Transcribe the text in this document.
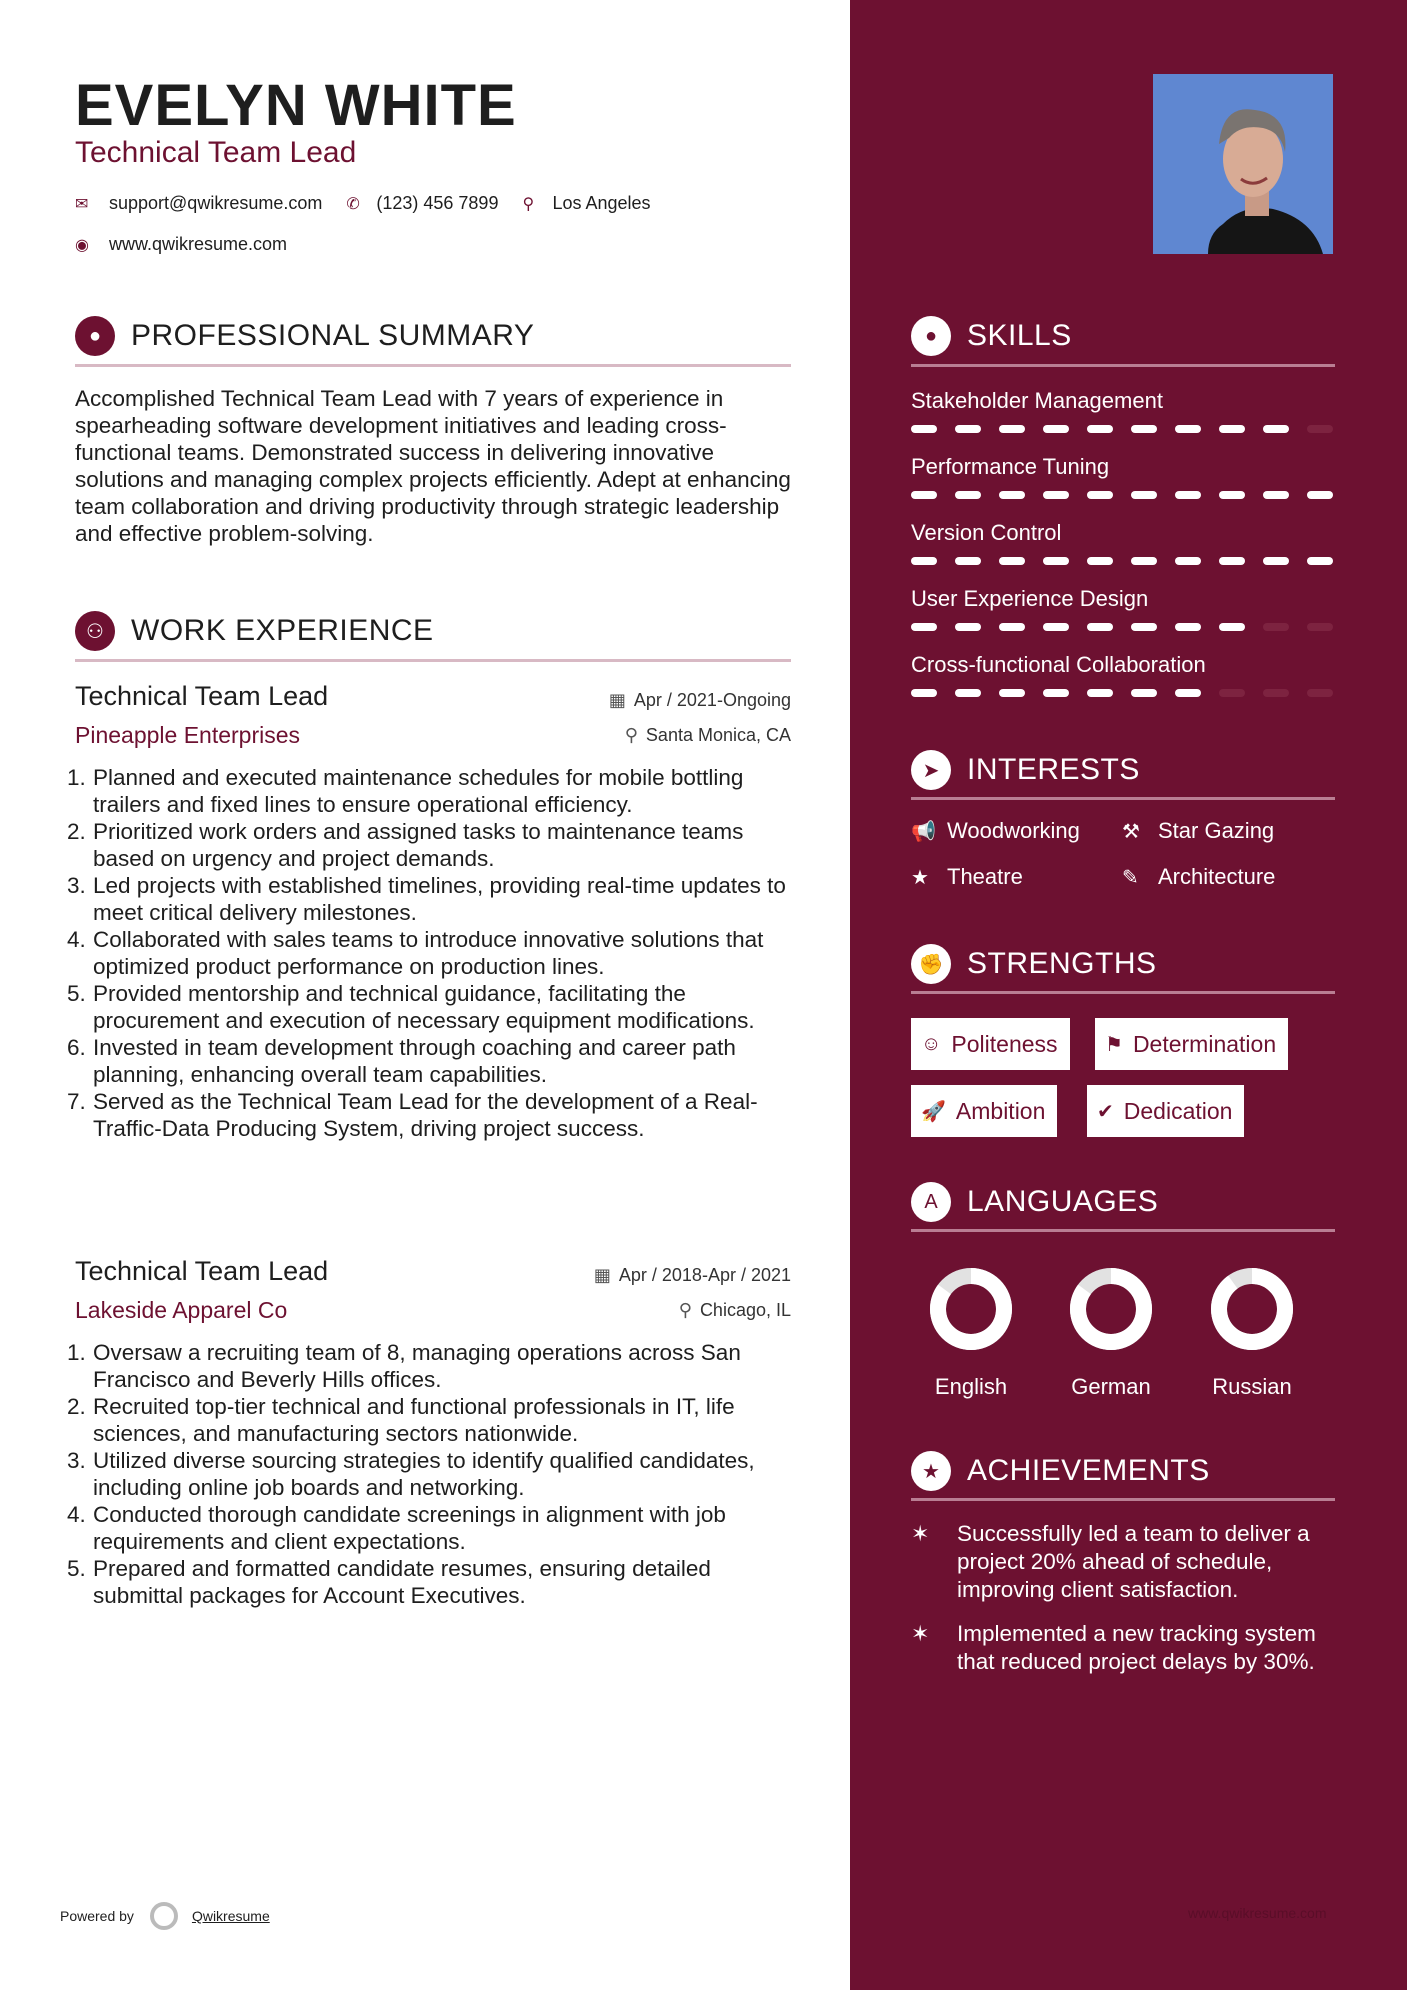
EVELYN WHITE
Technical Team Lead
✉	support@qwikresume.com ✆ (123) 456 7899 ⚲	Los Angeles
◉	www.qwikresume.com
● PROFESSIONAL SUMMARY
Accomplished Technical Team Lead with 7 years of experience in spearheading software development initiatives and leading cross-functional teams. Demonstrated success in delivering innovative solutions and managing complex projects efficiently. Adept at enhancing team collaboration and driving productivity through strategic leadership and effective problem-solving.
⚇ WORK EXPERIENCE
Technical Team Lead	▦ Apr / 2021-Ongoing
Pineapple Enterprises	⚲ Santa Monica, CA
1. Planned and executed maintenance schedules for mobile bottling trailers and fixed lines to ensure operational efficiency.
2. Prioritized work orders and assigned tasks to maintenance teams based on urgency and project demands.
3. Led projects with established timelines, providing real-time updates to meet critical delivery milestones.
4. Collaborated with sales teams to introduce innovative solutions that optimized product performance on production lines.
5. Provided mentorship and technical guidance, facilitating the procurement and execution of necessary equipment modifications.
6. Invested in team development through coaching and career path planning, enhancing overall team capabilities.
7. Served as the Technical Team Lead for the development of a Real-Traffic-Data Producing System, driving project success.
Technical Team Lead	▦ Apr / 2018-Apr / 2021
Lakeside Apparel Co	⚲ Chicago, IL
1. Oversaw a recruiting team of 8, managing operations across San Francisco and Beverly Hills offices.
2. Recruited top-tier technical and functional professionals in IT, life sciences, and manufacturing sectors nationwide.
3. Utilized diverse sourcing strategies to identify qualified candidates, including online job boards and networking.
4. Conducted thorough candidate screenings in alignment with job requirements and client expectations.
5. Prepared and formatted candidate resumes, ensuring detailed submittal packages for Account Executives.
Powered by	Qwikresume
● SKILLS
Stakeholder Management
Performance Tuning
Version Control
User Experience Design
Cross-functional Collaboration
➤ INTERESTS
📢 Woodworking ⚒ Star Gazing
★ Theatre	✎ Architecture
✊ STRENGTHS
☺ Politeness ⚑ Determination
🚀 Ambition	✔ Dedication
A LANGUAGES
English	German	Russian
★ ACHIEVEMENTS
✶	Successfully led a team to deliver a project 20% ahead of schedule, improving client satisfaction.
✶	Implemented a new tracking system that reduced project delays by 30%.
www.qwikresume.com
